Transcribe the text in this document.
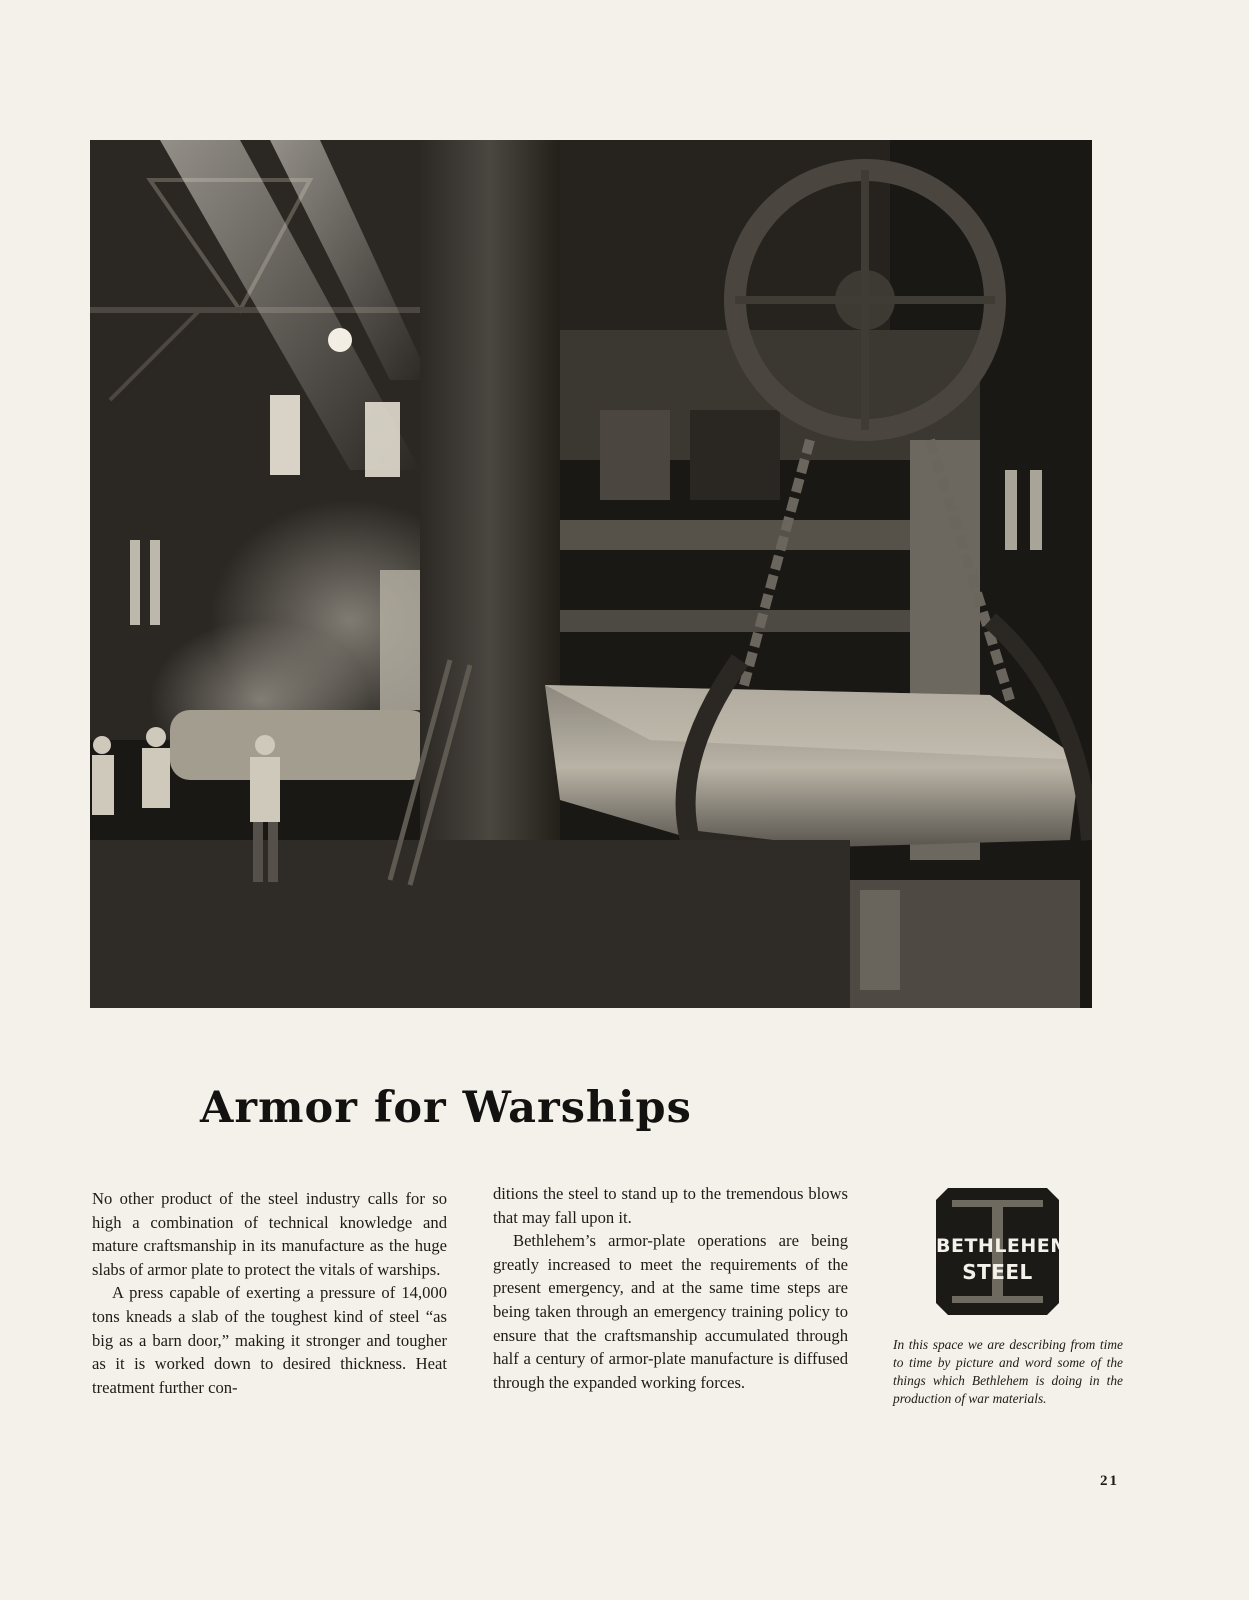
Armor for Warships

No other product of the steel industry calls for so high a combination of technical knowledge and mature craftsmanship in its manufacture as the huge slabs of armor plate to protect the vitals of warships.

A press capable of exerting a pressure of 14,000 tons kneads a slab of the toughest kind of steel “as big as a barn door,” making it stronger and tougher as it is worked down to desired thickness. Heat treatment further con-

ditions the steel to stand up to the tremendous blows that may fall upon it.

Bethlehem’s armor-plate operations are being greatly increased to meet the requirements of the present emergency, and at the same time steps are being taken through an emergency training policy to ensure that the craftsmanship accumulated through half a century of armor-plate manufacture is diffused through the expanded working forces.

BETHLEHEM
STEEL
In this space we are describing from time to time by picture and word some of the things which Bethlehem is doing in the production of war materials.
21
